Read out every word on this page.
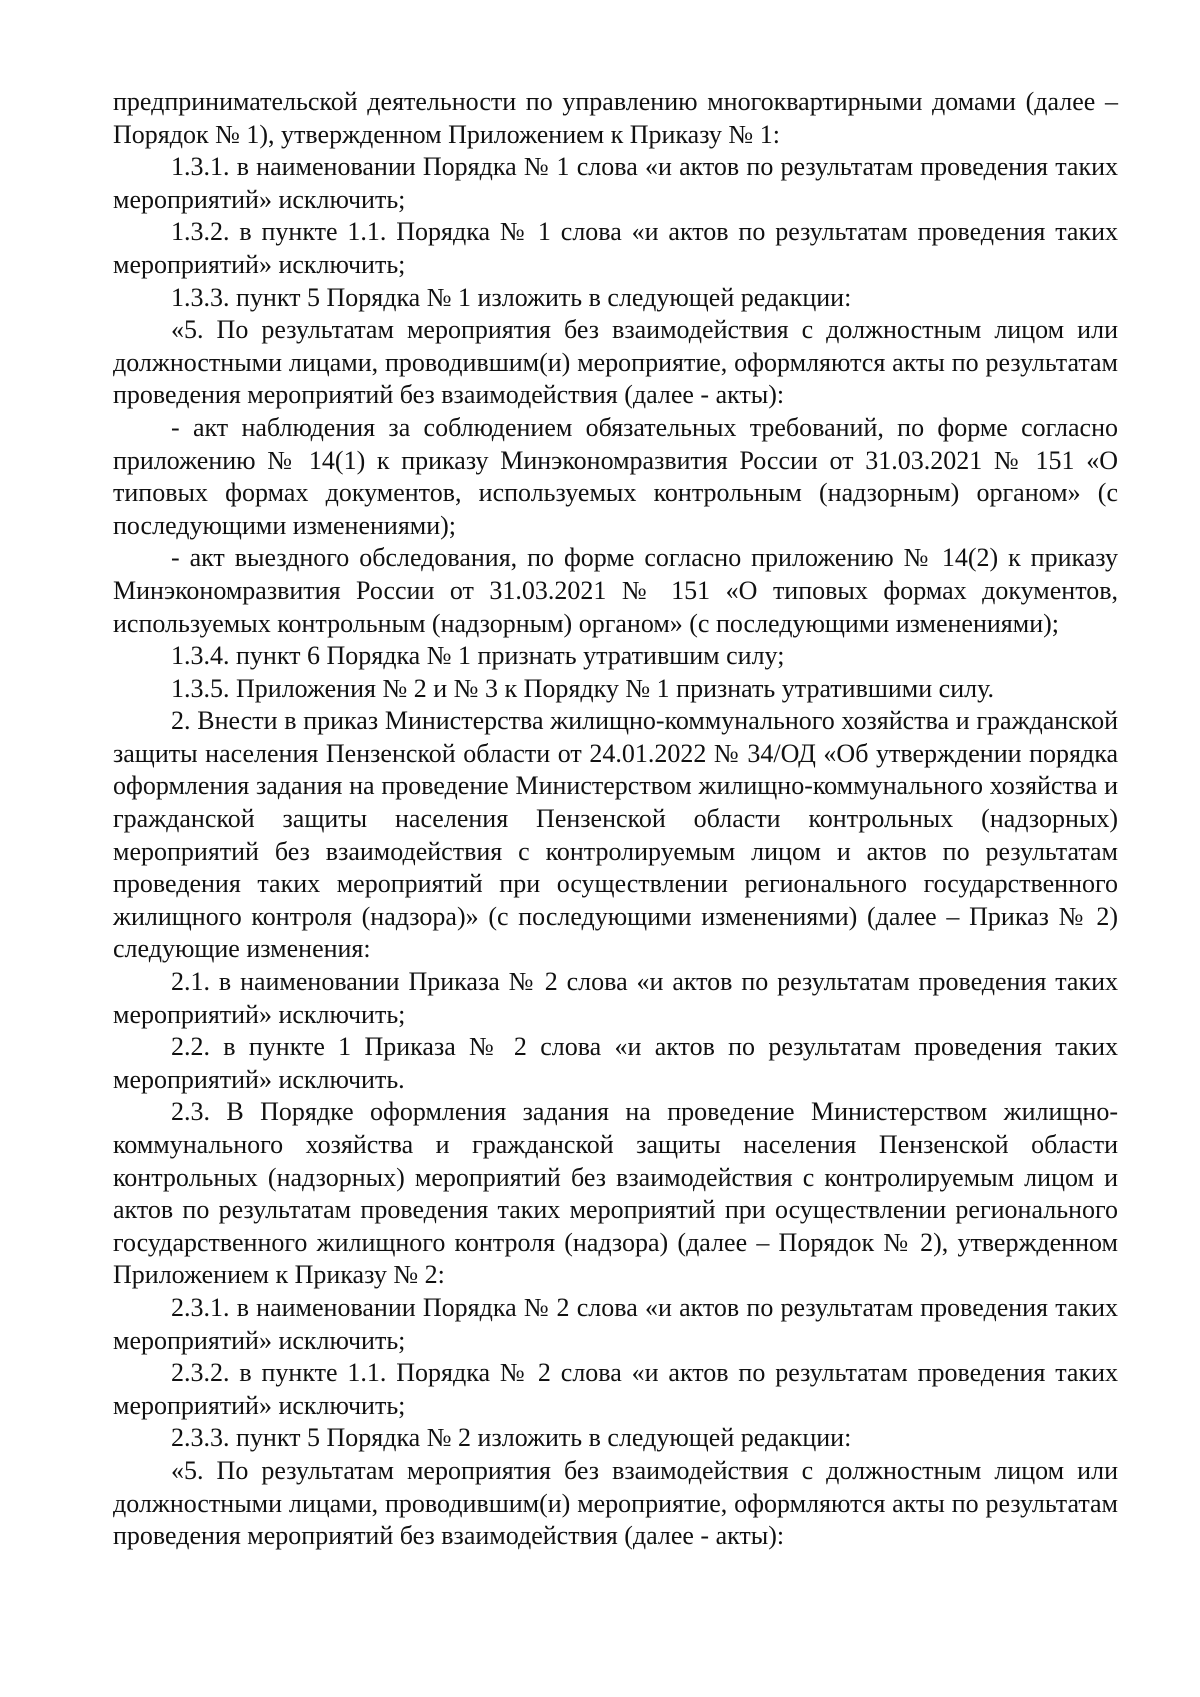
предпринимательской деятельности по управлению многоквартирными домами (далее – Порядок № 1), утвержденном Приложением к Приказу № 1:

1.3.1. в наименовании Порядка № 1 слова «и актов по результатам проведения таких мероприятий» исключить;

1.3.2. в пункте 1.1. Порядка № 1 слова «и актов по результатам проведения таких мероприятий» исключить;

1.3.3. пункт 5 Порядка № 1 изложить в следующей редакции:

«5. По результатам мероприятия без взаимодействия с должностным лицом или должностными лицами, проводившим(и) мероприятие, оформляются акты по результатам проведения мероприятий без взаимодействия (далее - акты):

- акт наблюдения за соблюдением обязательных требований, по форме согласно приложению № 14(1) к приказу Минэкономразвития России от 31.03.2021 № 151 «О типовых формах документов, используемых контрольным (надзорным) органом» (с последующими изменениями);

- акт выездного обследования, по форме согласно приложению № 14(2) к приказу Минэкономразвития России от 31.03.2021 № 151 «О типовых формах документов, используемых контрольным (надзорным) органом» (с последующими изменениями);

1.3.4. пункт 6 Порядка № 1 признать утратившим силу;

1.3.5. Приложения № 2 и № 3 к Порядку № 1 признать утратившими силу.

2. Внести в приказ Министерства жилищно-коммунального хозяйства и гражданской защиты населения Пензенской области от 24.01.2022 № 34/ОД «Об утверждении порядка оформления задания на проведение Министерством жилищно-коммунального хозяйства и гражданской защиты населения Пензенской области контрольных (надзорных) мероприятий без взаимодействия с контролируемым лицом и актов по результатам проведения таких мероприятий при осуществлении регионального государственного жилищного контроля (надзора)» (с последующими изменениями) (далее – Приказ № 2) следующие изменения:

2.1. в наименовании Приказа № 2 слова «и актов по результатам проведения таких мероприятий» исключить;

2.2. в пункте 1 Приказа № 2 слова «и актов по результатам проведения таких мероприятий» исключить.

2.3. В Порядке оформления задания на проведение Министерством жилищно-коммунального хозяйства и гражданской защиты населения Пензенской области контрольных (надзорных) мероприятий без взаимодействия с контролируемым лицом и актов по результатам проведения таких мероприятий при осуществлении регионального государственного жилищного контроля (надзора) (далее – Порядок № 2), утвержденном Приложением к Приказу № 2:

2.3.1. в наименовании Порядка № 2 слова «и актов по результатам проведения таких мероприятий» исключить;

2.3.2. в пункте 1.1. Порядка № 2 слова «и актов по результатам проведения таких мероприятий» исключить;

2.3.3. пункт 5 Порядка № 2 изложить в следующей редакции:

«5. По результатам мероприятия без взаимодействия с должностным лицом или должностными лицами, проводившим(и) мероприятие, оформляются акты по результатам проведения мероприятий без взаимодействия (далее - акты):
